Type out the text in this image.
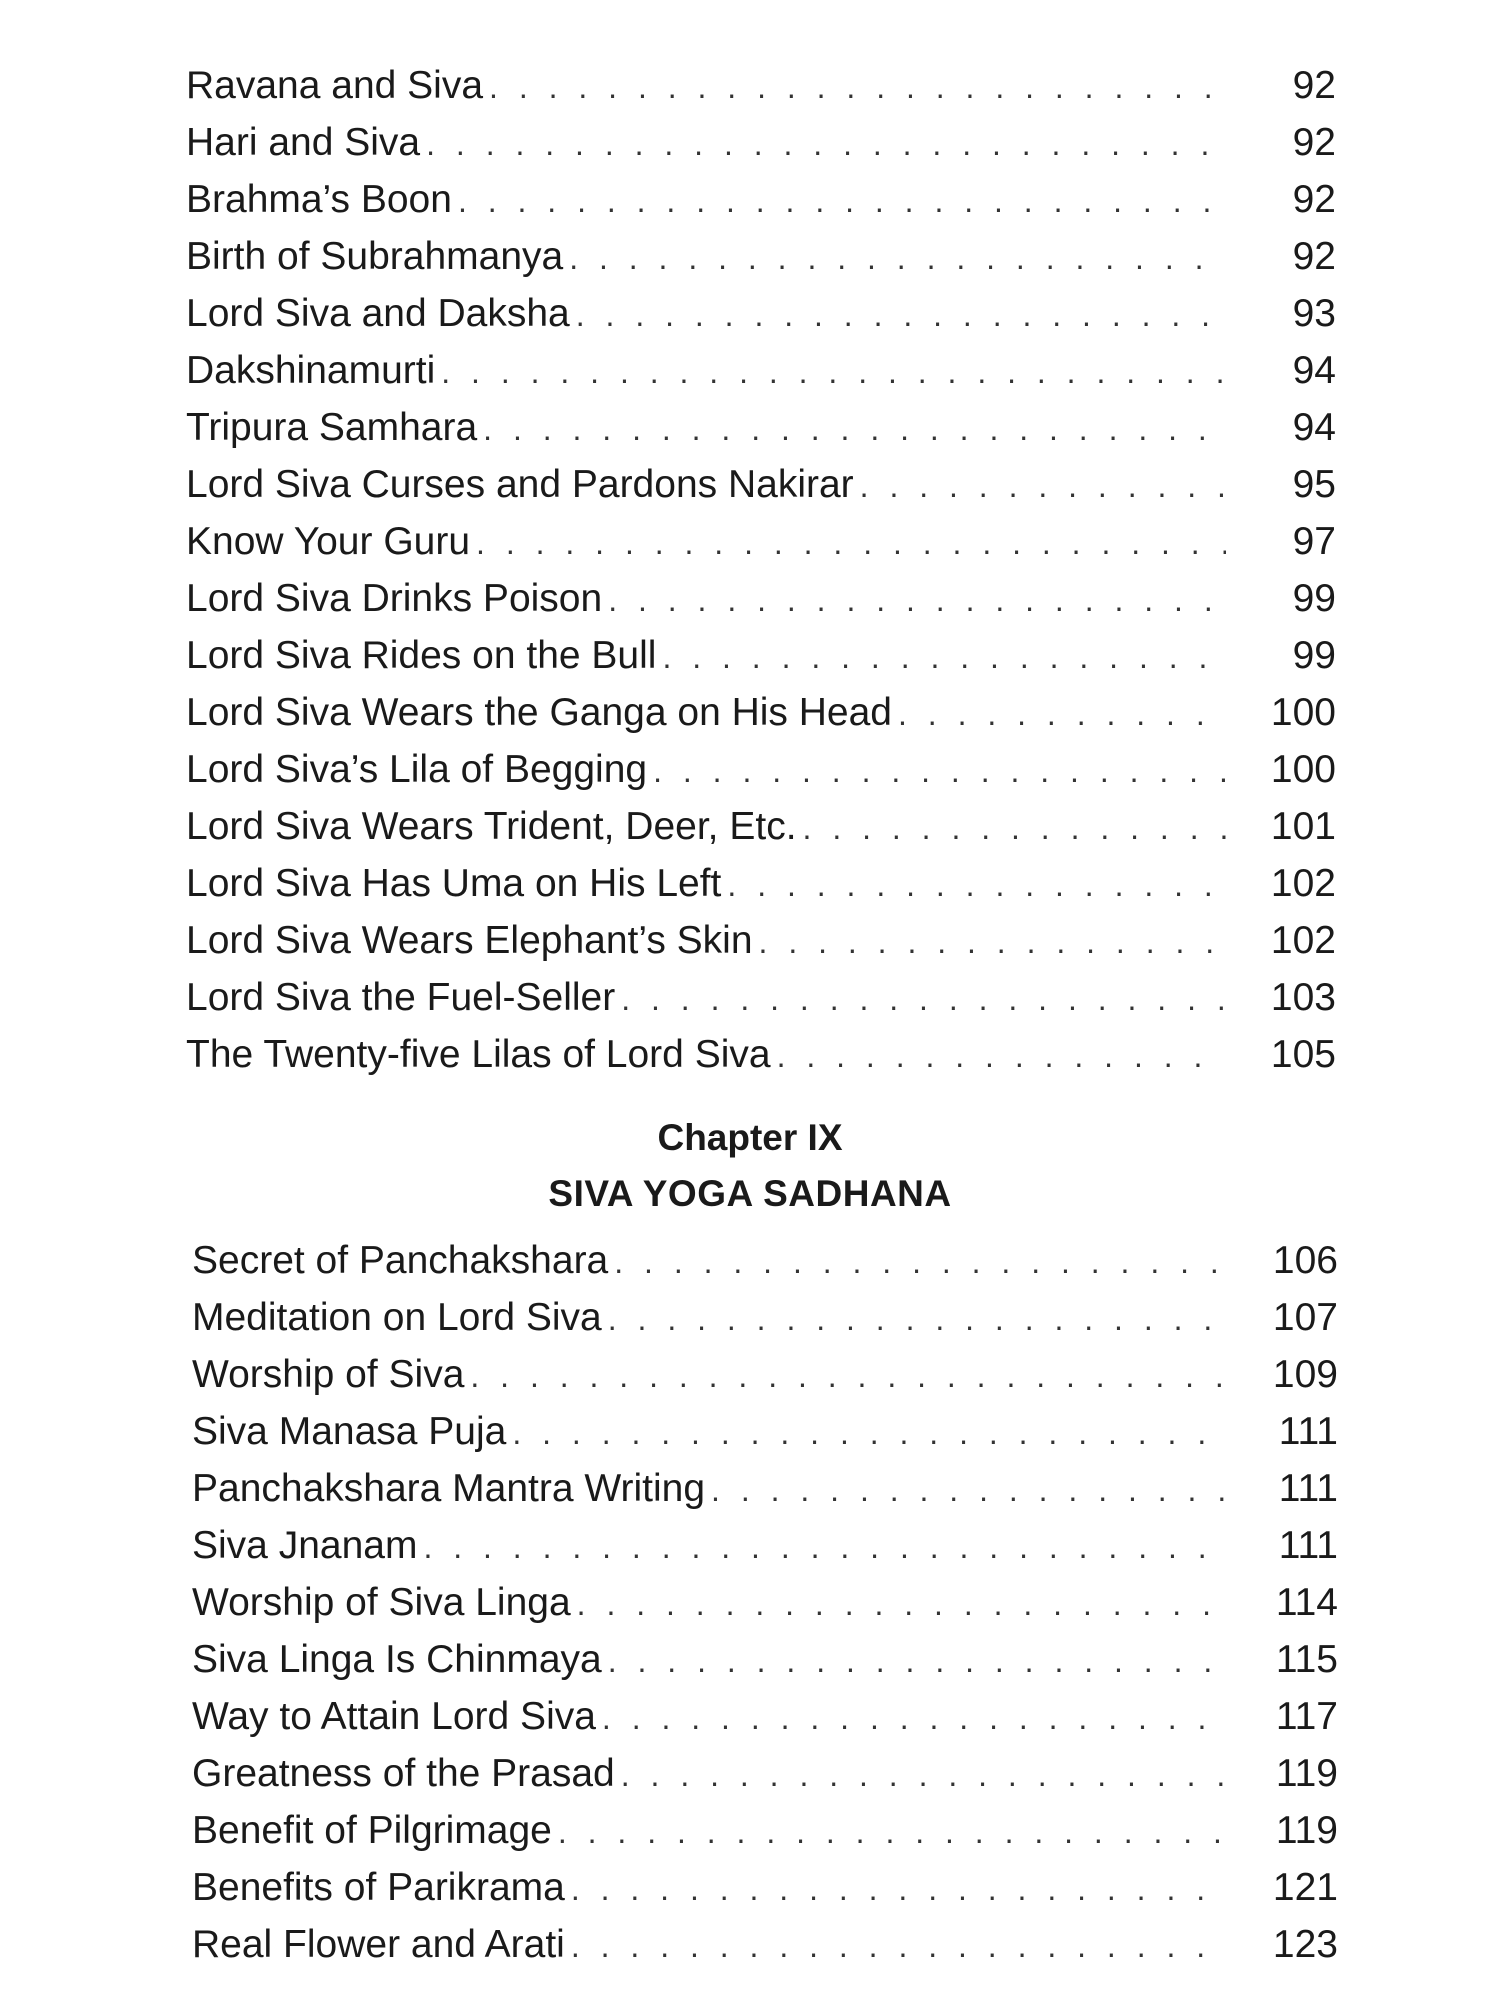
Ravana and Siva . . .	92
Hari and Siva . . .	92
Brahma’s Boon . . .	92
Birth of Subrahmanya . . .	92
Lord Siva and Daksha . . .	93
Dakshinamurti . . .	94
Tripura Samhara . . .	94
Lord Siva Curses and Pardons Nakirar . . .	95
Know Your Guru . . .	97
Lord Siva Drinks Poison . . .	99
Lord Siva Rides on the Bull . . .	99
Lord Siva Wears the Ganga on His Head . . .	100
Lord Siva’s Lila of Begging . . .	100
Lord Siva Wears Trident, Deer, Etc. . . .	101
Lord Siva Has Uma on His Left . . .	102
Lord Siva Wears Elephant’s Skin . . .	102
Lord Siva the Fuel-Seller . . .	103
The Twenty-five Lilas of Lord Siva . . .	105
Chapter IX
SIVA YOGA SADHANA
Secret of Panchakshara . . .	106
Meditation on Lord Siva . . .	107
Worship of Siva . . .	109
Siva Manasa Puja . . .	111
Panchakshara Mantra Writing . . .	111
Siva Jnanam . . .	111
Worship of Siva Linga . . .	114
Siva Linga Is Chinmaya . . .	115
Way to Attain Lord Siva . . .	117
Greatness of the Prasad . . .	119
Benefit of Pilgrimage . . .	119
Benefits of Parikrama . . .	121
Real Flower and Arati . . .	123
